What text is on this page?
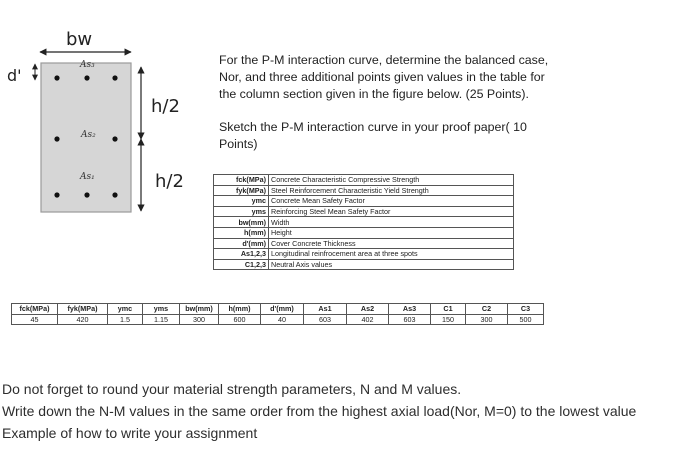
bw
d'
h/2
h/2
As₃
As₂
As₁

For the P-M interaction curve, determine the balanced case, Nor, and three additional points given values in the table for the column section given in the figure below. (25 Points).

Sketch the P-M interaction curve in your proof paper( 10 Points)

fck(MPa)	Concrete Characteristic Compressive Strength
fyk(MPa)	Steel Reinforcement Characteristic Yield Strength
ymc	Concrete Mean Safety Factor
yms	Reinforcing Steel Mean Safety Factor
bw(mm)	Width
h(mm)	Height
d'(mm)	Cover Concrete Thickness
As1,2,3	Longitudinal reinfrocement area at three spots
C1,2,3	Neutral Axis values
fck(MPa)	fyk(MPa)	ymc	yms	bw(mm)	h(mm)	d'(mm)	As1	As2	As3	C1	C2	C3
45	420	1.5	1.15	300	600	40	603	402	603	150	300	500
Do not forget to round your material strength parameters, N and M values.
Write down the N-M values in the same order from the highest axial load(Nor, M=0) to the lowest value
Example of how to write your assignment
